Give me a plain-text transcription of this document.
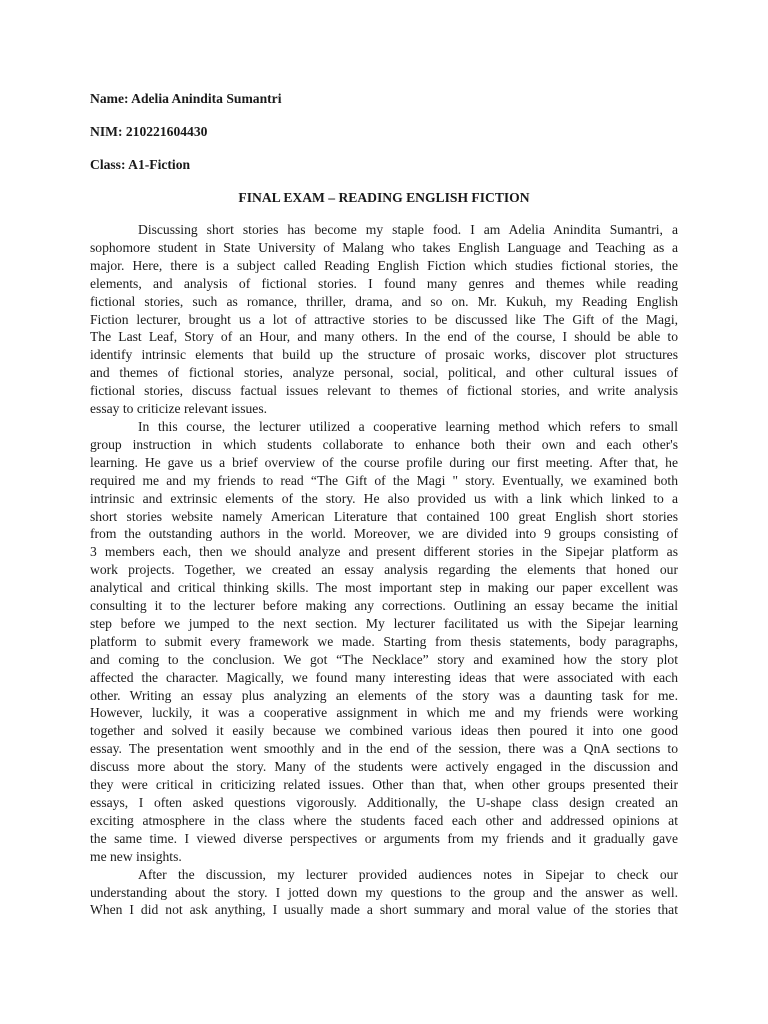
Name: Adelia Anindita Sumantri
NIM: 210221604430
Class: A1-Fiction
FINAL EXAM – READING ENGLISH FICTION

Discussing short stories has become my staple food. I am Adelia Anindita Sumantri, a
sophomore student in State University of Malang who takes English Language and Teaching as a
major. Here, there is a subject called Reading English Fiction which studies fictional stories, the
elements, and analysis of fictional stories. I found many genres and themes while reading
fictional stories, such as romance, thriller, drama, and so on. Mr. Kukuh, my Reading English
Fiction lecturer, brought us a lot of attractive stories to be discussed like The Gift of the Magi,
The Last Leaf, Story of an Hour, and many others. In the end of the course, I should be able to
identify intrinsic elements that build up the structure of prosaic works, discover plot structures
and themes of fictional stories, analyze personal, social, political, and other cultural issues of
fictional stories, discuss factual issues relevant to themes of fictional stories, and write analysis
essay to criticize relevant issues.

In this course, the lecturer utilized a cooperative learning method which refers to small
group instruction in which students collaborate to enhance both their own and each other's
learning. He gave us a brief overview of the course profile during our first meeting. After that, he
required me and my friends to read “The Gift of the Magi " story. Eventually, we examined both
intrinsic and extrinsic elements of the story. He also provided us with a link which linked to a
short stories website namely American Literature that contained 100 great English short stories
from the outstanding authors in the world. Moreover, we are divided into 9 groups consisting of
3 members each, then we should analyze and present different stories in the Sipejar platform as
work projects. Together, we created an essay analysis regarding the elements that honed our
analytical and critical thinking skills. The most important step in making our paper excellent was
consulting it to the lecturer before making any corrections. Outlining an essay became the initial
step before we jumped to the next section. My lecturer facilitated us with the Sipejar learning
platform to submit every framework we made. Starting from thesis statements, body paragraphs,
and coming to the conclusion. We got “The Necklace” story and examined how the story plot
affected the character. Magically, we found many interesting ideas that were associated with each
other. Writing an essay plus analyzing an elements of the story was a daunting task for me.
However, luckily, it was a cooperative assignment in which me and my friends were working
together and solved it easily because we combined various ideas then poured it into one good
essay. The presentation went smoothly and in the end of the session, there was a QnA sections to
discuss more about the story. Many of the students were actively engaged in the discussion and
they were critical in criticizing related issues. Other than that, when other groups presented their
essays, I often asked questions vigorously. Additionally, the U-shape class design created an
exciting atmosphere in the class where the students faced each other and addressed opinions at
the same time. I viewed diverse perspectives or arguments from my friends and it gradually gave
me new insights.

After the discussion, my lecturer provided audiences notes in Sipejar to check our
understanding about the story. I jotted down my questions to the group and the answer as well.
When I did not ask anything, I usually made a short summary and moral value of the stories that
